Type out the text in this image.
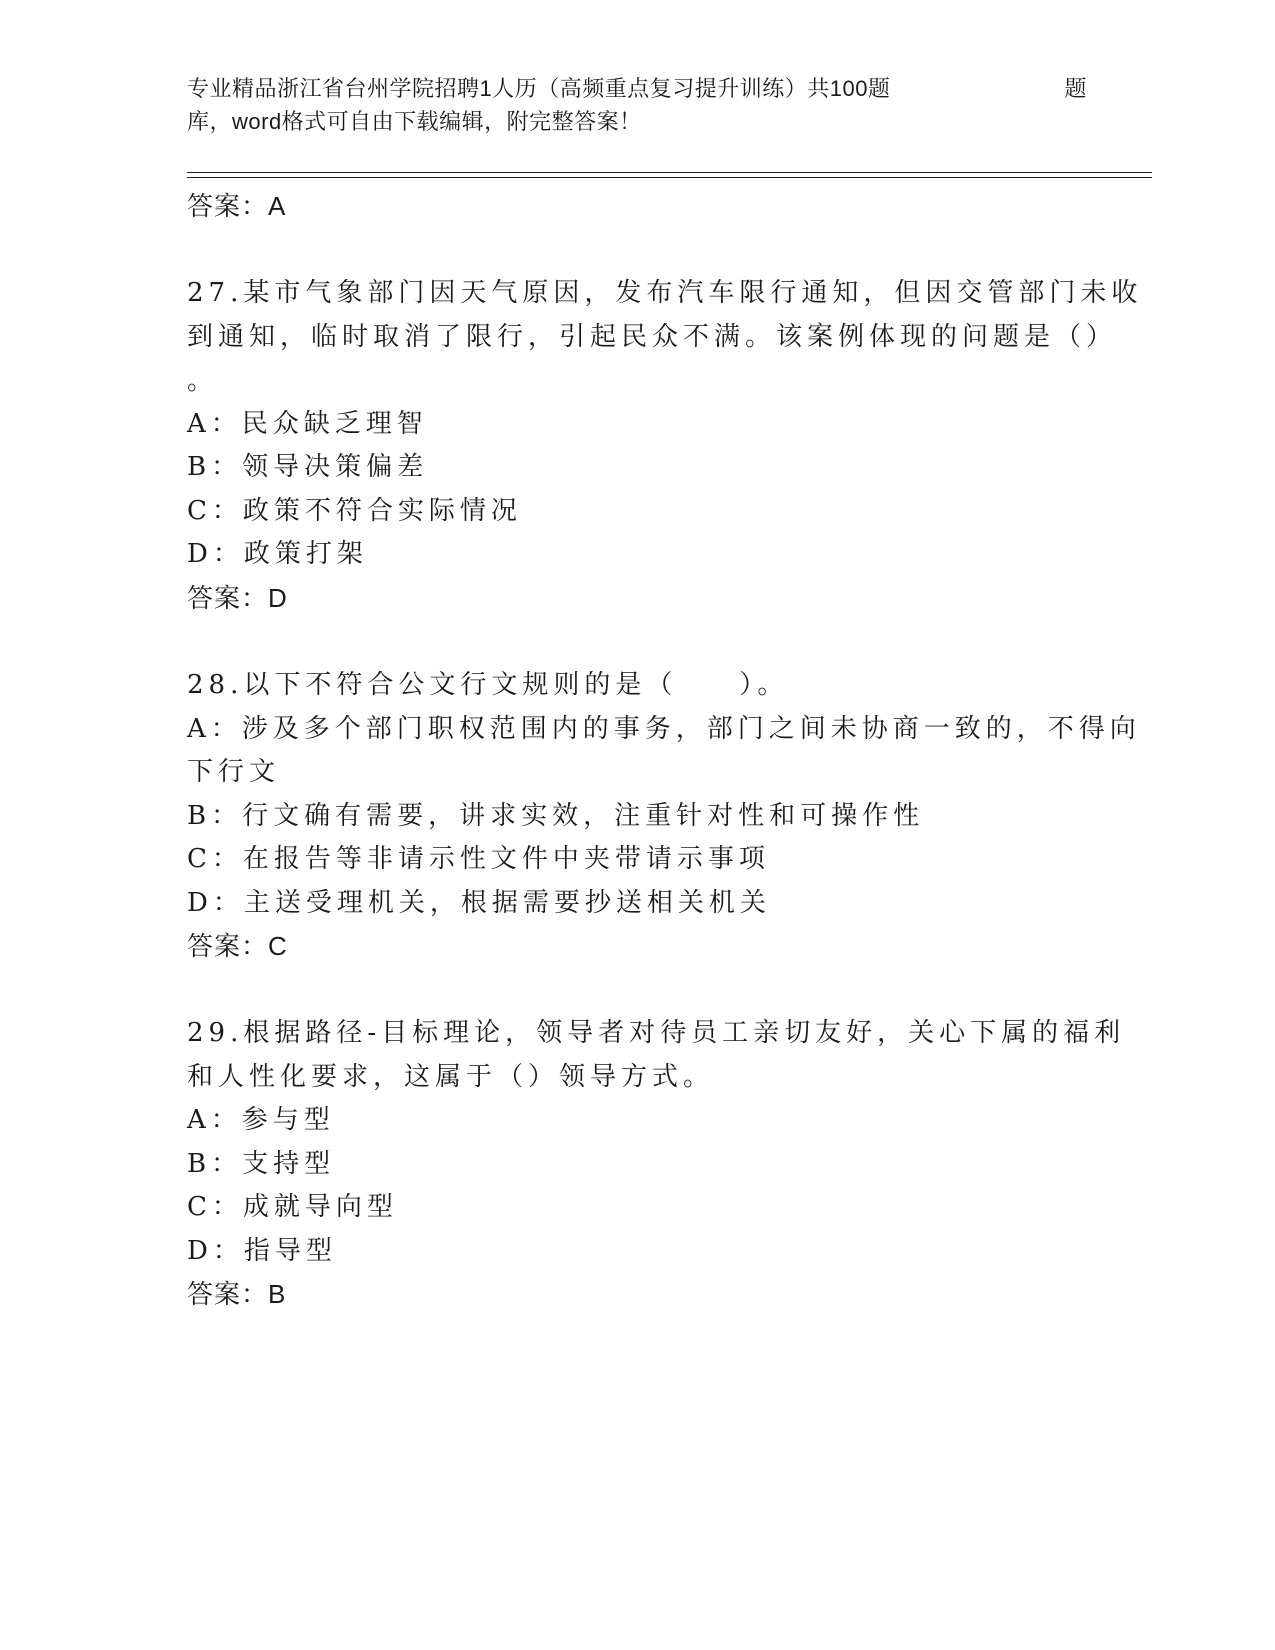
专业精品浙江省台州学院招聘1人历（高频重点复习提升训练）共100题	题
库，word格式可自由下载编辑，附完整答案！
答案：A
27.某市气象部门因天气原因，发布汽车限行通知，但因交管部门未收
到通知，临时取消了限行，引起民众不满。该案例体现的问题是（）
。
A：民众缺乏理智
B：领导决策偏差
C：政策不符合实际情况
D：政策打架
答案：D
28.以下不符合公文行文规则的是（　　）。
A：涉及多个部门职权范围内的事务，部门之间未协商一致的，不得向
下行文
B：行文确有需要，讲求实效，注重针对性和可操作性
C：在报告等非请示性文件中夹带请示事项
D：主送受理机关，根据需要抄送相关机关
答案：C
29.根据路径-目标理论，领导者对待员工亲切友好，关心下属的福利
和人性化要求，这属于（）领导方式。
A：参与型
B：支持型
C：成就导向型
D：指导型
答案：B
